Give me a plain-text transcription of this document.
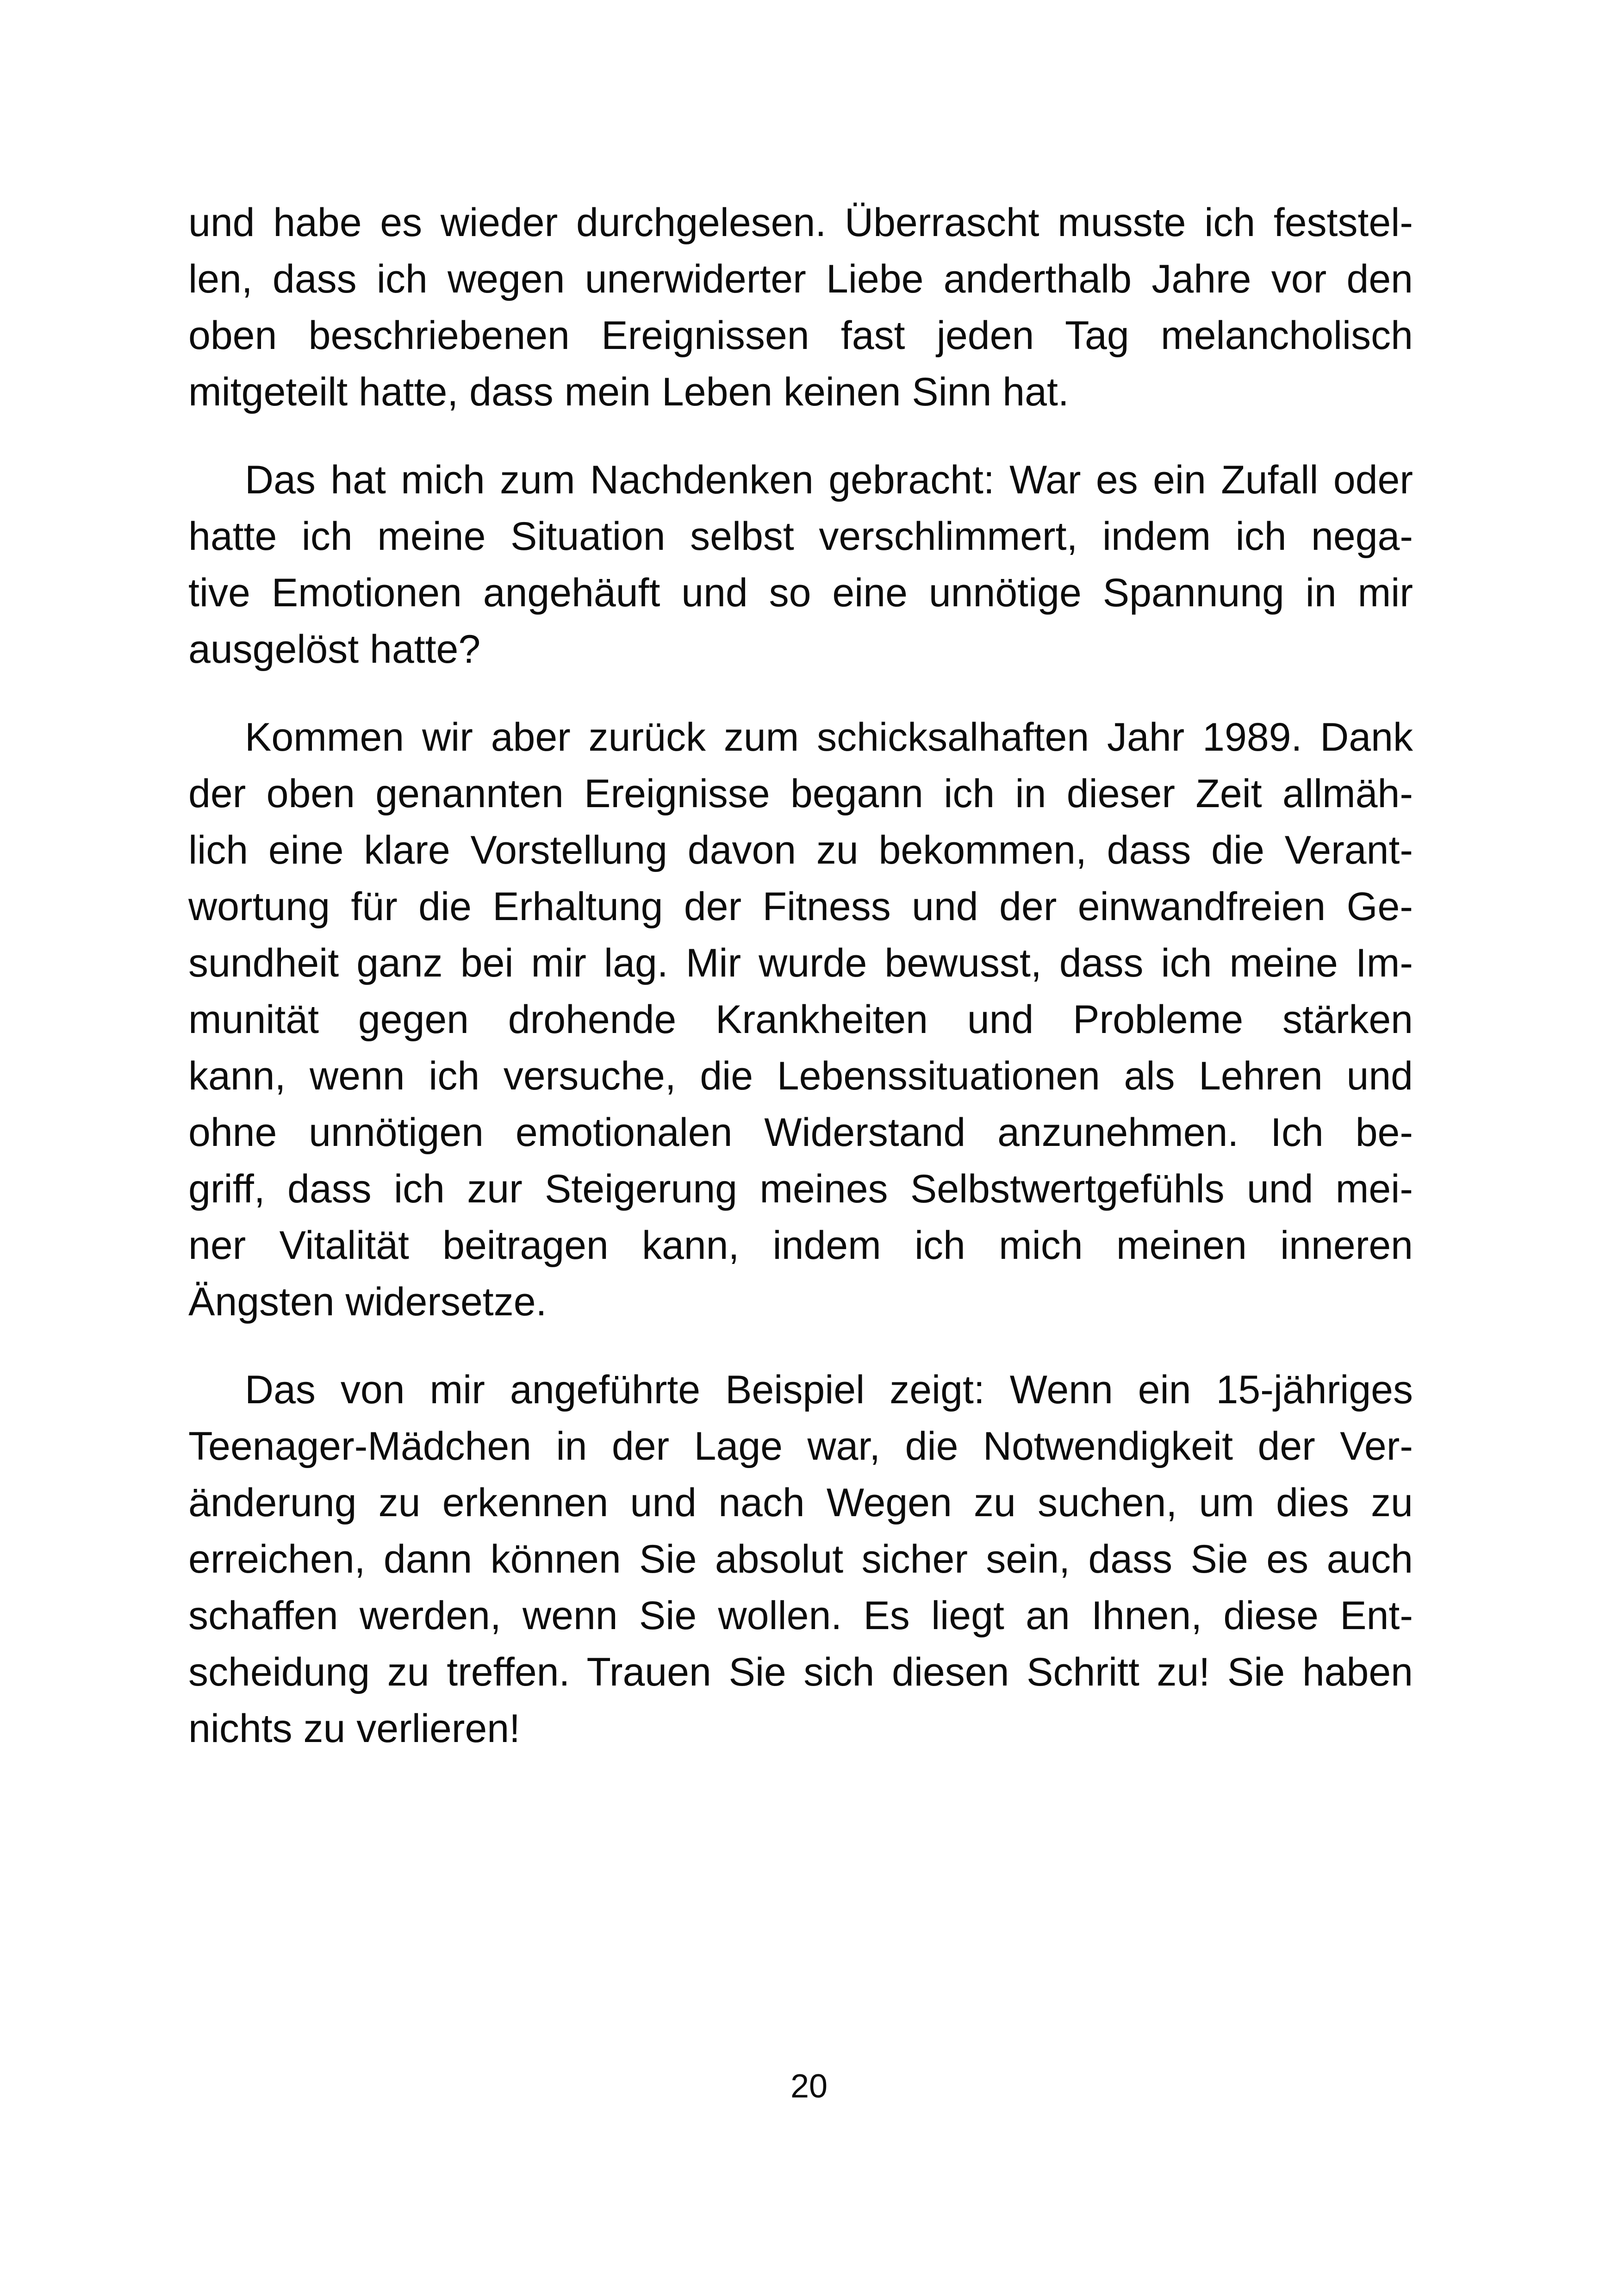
und habe es wieder durchgelesen. Überrascht musste ich feststel-
len, dass ich wegen unerwiderter Liebe anderthalb Jahre vor den
oben beschriebenen Ereignissen fast jeden Tag melancholisch
mitgeteilt hatte, dass mein Leben keinen Sinn hat.
Das hat mich zum Nachdenken gebracht: War es ein Zufall oder
hatte ich meine Situation selbst verschlimmert, indem ich nega-
tive Emotionen angehäuft und so eine unnötige Spannung in mir
ausgelöst hatte?
Kommen wir aber zurück zum schicksalhaften Jahr 1989. Dank
der oben genannten Ereignisse begann ich in dieser Zeit allmäh-
lich eine klare Vorstellung davon zu bekommen, dass die Verant-
wortung für die Erhaltung der Fitness und der einwandfreien Ge-
sundheit ganz bei mir lag. Mir wurde bewusst, dass ich meine Im-
munität gegen drohende Krankheiten und Probleme stärken
kann, wenn ich versuche, die Lebenssituationen als Lehren und
ohne unnötigen emotionalen Widerstand anzunehmen. Ich be-
griff, dass ich zur Steigerung meines Selbstwertgefühls und mei-
ner Vitalität beitragen kann, indem ich mich meinen inneren
Ängsten widersetze.
Das von mir angeführte Beispiel zeigt: Wenn ein 15-jähriges
Teenager-Mädchen in der Lage war, die Notwendigkeit der Ver-
änderung zu erkennen und nach Wegen zu suchen, um dies zu
erreichen, dann können Sie absolut sicher sein, dass Sie es auch
schaffen werden, wenn Sie wollen. Es liegt an Ihnen, diese Ent-
scheidung zu treffen. Trauen Sie sich diesen Schritt zu! Sie haben
nichts zu verlieren!
20
